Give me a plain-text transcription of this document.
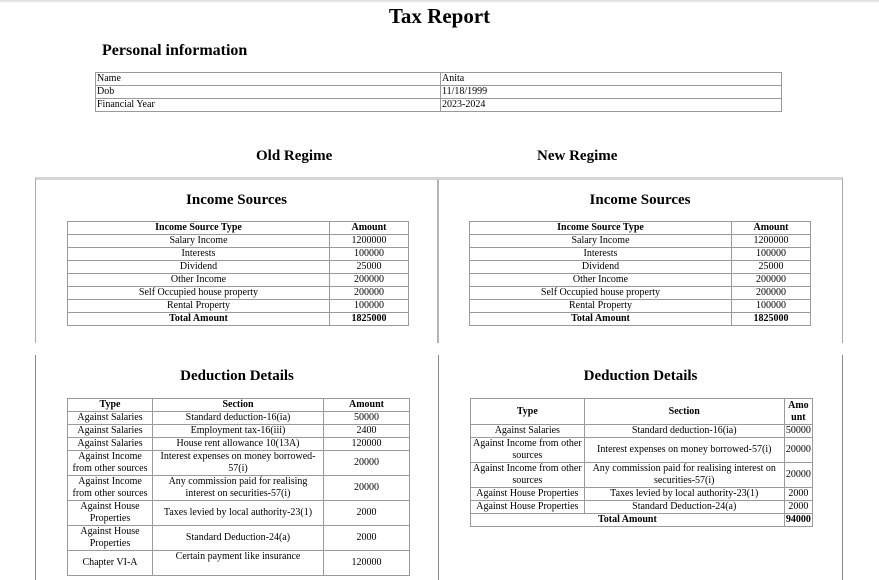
Tax Report
Personal information
Name	Anita
Dob	11/18/1999
Financial Year	2023-2024
Old Regime	New Regime
Income Sources
Income Source Type	Amount
Salary Income	1200000
Interests	100000
Dividend	25000
Other Income	200000
Self Occupied house property	200000
Rental Property	100000
Total Amount	1825000
Income Sources
Income Source Type	Amount
Salary Income	1200000
Interests	100000
Dividend	25000
Other Income	200000
Self Occupied house property	200000
Rental Property	100000
Total Amount	1825000
Deduction Details
Type	Section	Amount
Against Salaries	Standard deduction-16(ia)	50000
Against Salaries	Employment tax-16(iii)	2400
Against Salaries	House rent allowance 10(13A)	120000
Against Income from other sources	Interest expenses on money borrowed-57(i)	20000
Against Income from other sources	Any commission paid for realising interest on securities-57(i)	20000
Against House Properties	Taxes levied by local authority-23(1)	2000
Against House Properties	Standard Deduction-24(a)	2000
Chapter VI-A	Certain payment like insurance	120000
Deduction Details
Type	Section	Amo unt
Against Salaries	Standard deduction-16(ia)	50000
Against Income from other sources	Interest expenses on money borrowed-57(i)	20000
Against Income from other sources	Any commission paid for realising interest on securities-57(i)	20000
Against House Properties	Taxes levied by local authority-23(1)	2000
Against House Properties	Standard Deduction-24(a)	2000
Total Amount		94000
